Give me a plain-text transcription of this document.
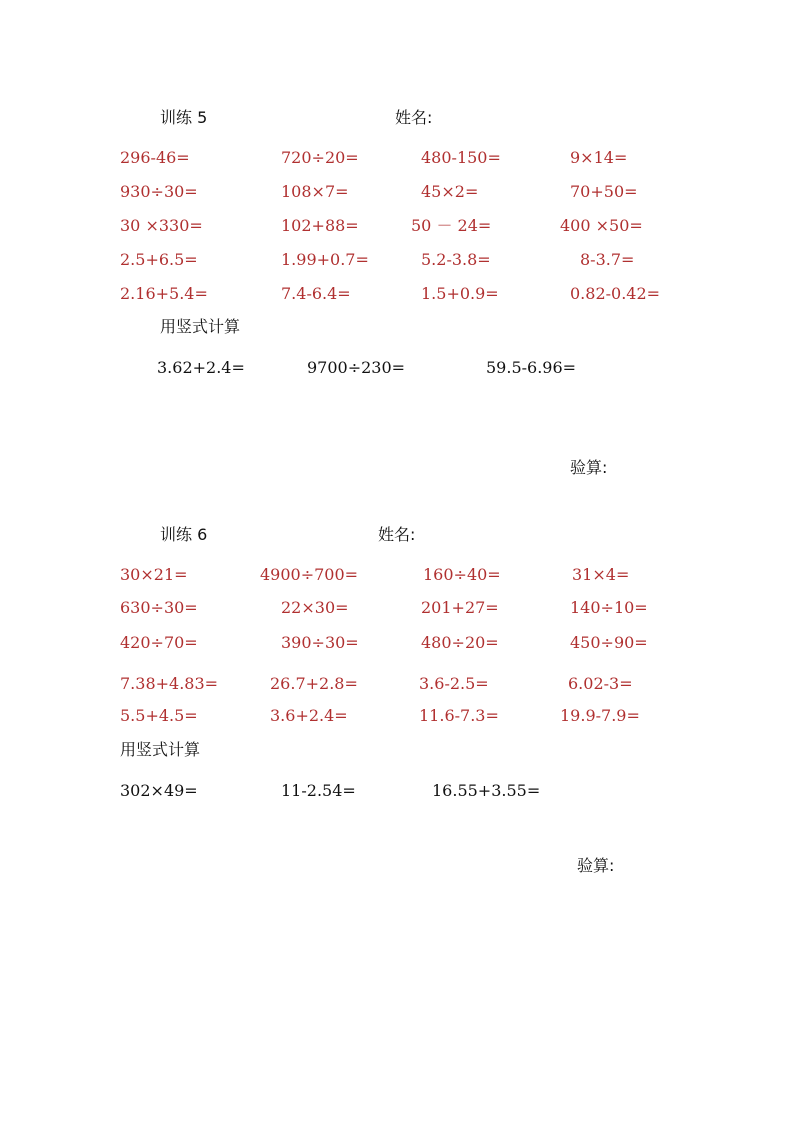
训练 5	姓名:
296-46=	720÷20=	480-150=	9×14=
930÷30=	108×7=	45×2=	70+50=
30 ×330=	102+88=	50 － 24=	400 ×50=
2.5+6.5=	1.99+0.7=	5.2-3.8=	8-3.7=
2.16+5.4=	7.4-6.4=	1.5+0.9=	0.82-0.42=
用竖式计算
3.62+2.4=	9700÷230=	59.5-6.96=
验算:
训练 6	姓名:
30×21=	4900÷700=	160÷40=	31×4=
630÷30=	22×30=	201+27=	140÷10=
420÷70=	390÷30=	480÷20=	450÷90=
7.38+4.83=	26.7+2.8=	3.6-2.5=	6.02-3=
5.5+4.5=	3.6+2.4=	11.6-7.3=	19.9-7.9=
用竖式计算
302×49=	11-2.54=	16.55+3.55=
验算:
